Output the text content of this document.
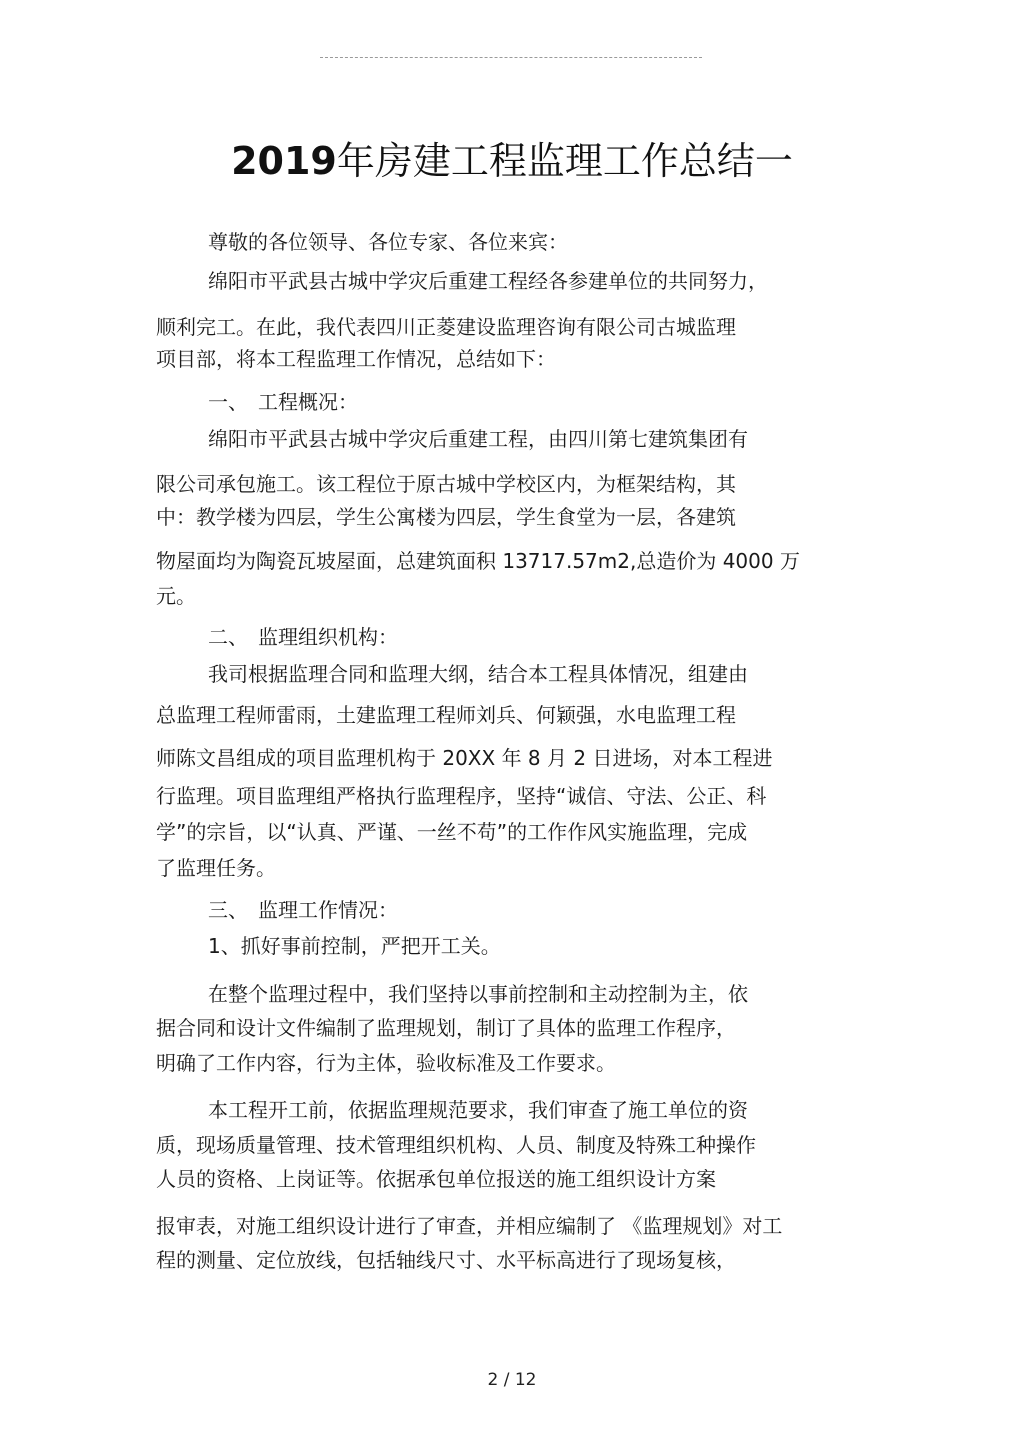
2019年房建工程监理工作总结一
尊敬的各位领导、各位专家、各位来宾：
绵阳市平武县古城中学灾后重建工程经各参建单位的共同努力，
顺利完工。在此，我代表四川正菱建设监理咨询有限公司古城监理
项目部，将本工程监理工作情况，总结如下：
一、　工程概况：
绵阳市平武县古城中学灾后重建工程，由四川第七建筑集团有
限公司承包施工。该工程位于原古城中学校区内，为框架结构，其
中：教学楼为四层，学生公寓楼为四层，学生食堂为一层，各建筑
物屋面均为陶瓷瓦坡屋面，总建筑面积 13717.57m2,总造价为 4000 万
元。
二、　监理组织机构：
我司根据监理合同和监理大纲，结合本工程具体情况，组建由
总监理工程师雷雨，土建监理工程师刘兵、何颖强，水电监理工程
师陈文昌组成的项目监理机构于 20XX 年 8 月 2 日进场，对本工程进
行监理。项目监理组严格执行监理程序，坚持“诚信、守法、公正、科
学”的宗旨，以“认真、严谨、一丝不苟”的工作作风实施监理，完成
了监理任务。
三、　监理工作情况：
1、抓好事前控制，严把开工关。
在整个监理过程中，我们坚持以事前控制和主动控制为主，依
据合同和设计文件编制了监理规划，制订了具体的监理工作程序，
明确了工作内容，行为主体，验收标准及工作要求。
本工程开工前，依据监理规范要求，我们审查了施工单位的资
质，现场质量管理、技术管理组织机构、人员、制度及特殊工种操作
人员的资格、上岗证等。依据承包单位报送的施工组织设计方案
报审表，对施工组织设计进行了审查，并相应编制了 《监理规划》对工
程的测量、定位放线，包括轴线尺寸、水平标高进行了现场复核，
2 / 12
